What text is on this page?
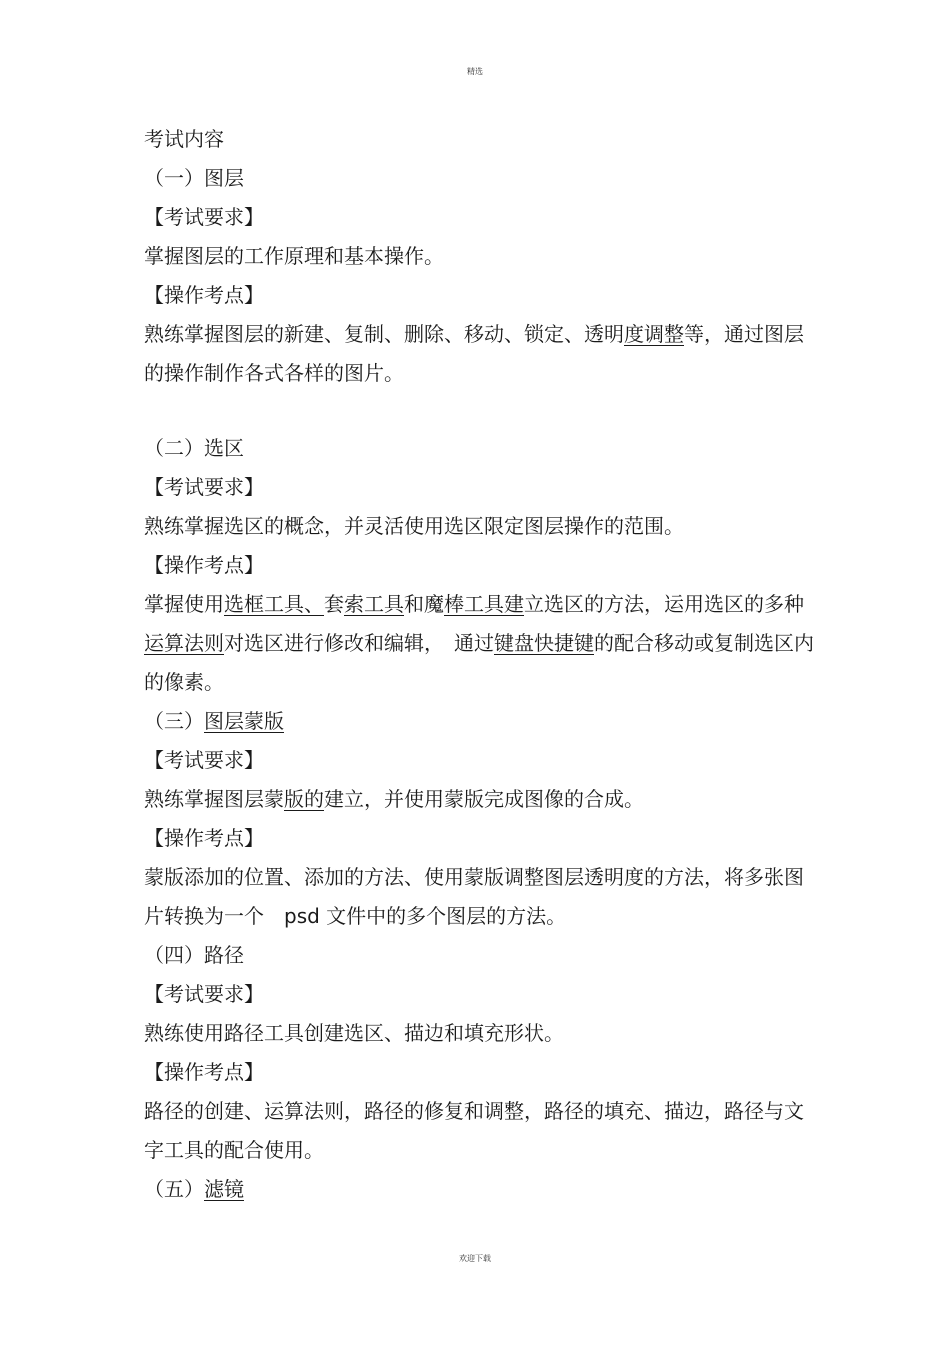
精选
考试内容
（一）图层
【考试要求】
掌握图层的工作原理和基本操作。
【操作考点】
熟练掌握图层的新建、复制、删除、移动、锁定、透明度调整等，通过图层
的操作制作各式各样的图片。
（二）选区
【考试要求】
熟练掌握选区的概念，并灵活使用选区限定图层操作的范围。
【操作考点】
掌握使用选框工具、套索工具和魔棒工具建立选区的方法，运用选区的多种
运算法则对选区进行修改和编辑，　通过键盘快捷键的配合移动或复制选区内
的像素。
（三）图层蒙版
【考试要求】
熟练掌握图层蒙版的建立，并使用蒙版完成图像的合成。
【操作考点】
蒙版添加的位置、添加的方法、使用蒙版调整图层透明度的方法，将多张图
片转换为一个　psd 文件中的多个图层的方法。
（四）路径
【考试要求】
熟练使用路径工具创建选区、描边和填充形状。
【操作考点】
路径的创建、运算法则，路径的修复和调整，路径的填充、描边，路径与文
字工具的配合使用。
（五）滤镜
欢迎下载
